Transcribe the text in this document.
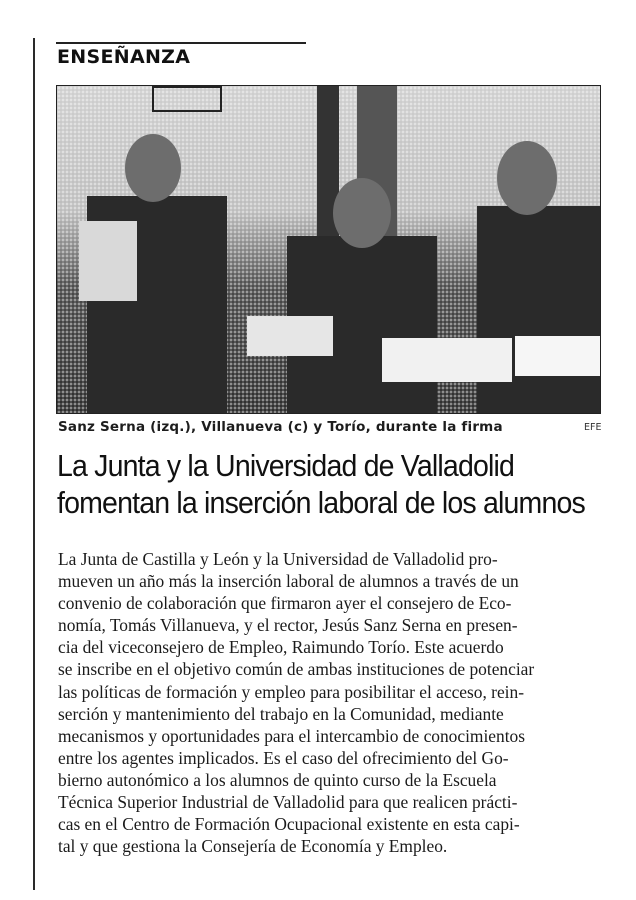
ENSEÑANZA
Sanz Serna (izq.), Villanueva (c) y Torío, durante la firma	EFE
La Junta y la Universidad de Valladolid
fomentan la inserción laboral de los alumnos
La Junta de Castilla y León y la Universidad de Valladolid pro-
mueven un año más la inserción laboral de alumnos a través de un
convenio de colaboración que firmaron ayer el consejero de Eco-
nomía, Tomás Villanueva, y el rector, Jesús Sanz Serna en presen-
cia del viceconsejero de Empleo, Raimundo Torío. Este acuerdo
se inscribe en el objetivo común de ambas instituciones de potenciar
las políticas de formación y empleo para posibilitar el acceso, rein-
serción y mantenimiento del trabajo en la Comunidad, mediante
mecanismos y oportunidades para el intercambio de conocimientos
entre los agentes implicados. Es el caso del ofrecimiento del Go-
bierno autonómico a los alumnos de quinto curso de la Escuela
Técnica Superior Industrial de Valladolid para que realicen prácti-
cas en el Centro de Formación Ocupacional existente en esta capi-
tal y que gestiona la Consejería de Economía y Empleo.
